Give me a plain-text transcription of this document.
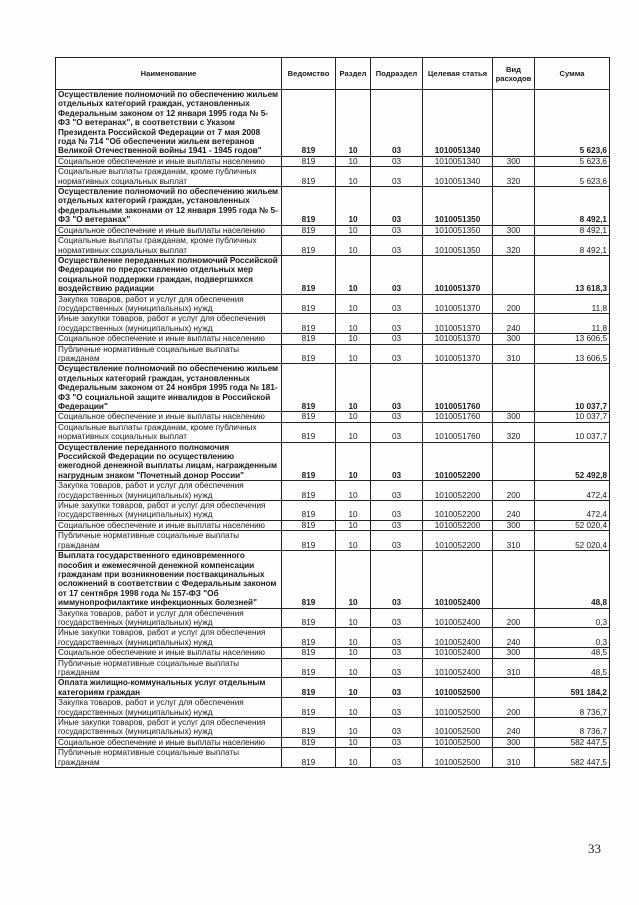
Наименование	Ведомство	Раздел	Подраздел	Целевая статья	Вид расходов	Сумма
Осуществление полномочий по обеспечению жильем отдельных категорий граждан, установленных Федеральным законом от 12 января 1995 года № 5-ФЗ "О ветеранах", в соответствии с Указом Президента Российской Федерации от 7 мая 2008 года № 714 "Об обеспечении жильем ветеранов Великой Отечественной войны 1941 - 1945 годов"	819	10	03	1010051340		5 623,6
Социальное обеспечение и иные выплаты населению	819	10	03	1010051340	300	5 623,6
Социальные выплаты гражданам, кроме публичных нормативных социальных выплат	819	10	03	1010051340	320	5 623,6
Осуществление полномочий по обеспечению жильем отдельных категорий граждан, установленных федеральными законами от 12 января 1995 года № 5-ФЗ "О ветеранах"	819	10	03	1010051350		8 492,1
Социальное обеспечение и иные выплаты населению	819	10	03	1010051350	300	8 492,1
Социальные выплаты гражданам, кроме публичных нормативных социальных выплат	819	10	03	1010051350	320	8 492,1
Осуществление переданных полномочий Российской Федерации по предоставлению отдельных мер социальной поддержки граждан, подвергшихся воздействию радиации	819	10	03	1010051370		13 618,3
Закупка товаров, работ и услуг для обеспечения государственных (муниципальных) нужд	819	10	03	1010051370	200	11,8
Иные закупки товаров, работ и услуг для обеспечения государственных (муниципальных) нужд	819	10	03	1010051370	240	11,8
Социальное обеспечение и иные выплаты населению	819	10	03	1010051370	300	13 606,5
Публичные нормативные социальные выплаты гражданам	819	10	03	1010051370	310	13 606,5
Осуществление полномочий по обеспечению жильем отдельных категорий граждан, установленных Федеральным законом от 24 ноября 1995 года № 181-ФЗ "О социальной защите инвалидов в Российской Федерации"	819	10	03	1010051760		10 037,7
Социальное обеспечение и иные выплаты населению	819	10	03	1010051760	300	10 037,7
Социальные выплаты гражданам, кроме публичных нормативных социальных выплат	819	10	03	1010051760	320	10 037,7
Осуществление переданного полномочия Российской Федерации по осуществлению ежегодной денежной выплаты лицам, награжденным нагрудным знаком "Почетный донор России"	819	10	03	1010052200		52 492,8
Закупка товаров, работ и услуг для обеспечения государственных (муниципальных) нужд	819	10	03	1010052200	200	472,4
Иные закупки товаров, работ и услуг для обеспечения государственных (муниципальных) нужд	819	10	03	1010052200	240	472,4
Социальное обеспечение и иные выплаты населению	819	10	03	1010052200	300	52 020,4
Публичные нормативные социальные выплаты гражданам	819	10	03	1010052200	310	52 020,4
Выплата государственного единовременного пособия и ежемесячной денежной компенсации гражданам при возникновении поствакцинальных осложнений в соответствии с Федеральным законом от 17 сентября 1998 года № 157-ФЗ "Об иммунопрофилактике инфекционных болезней"	819	10	03	1010052400		48,8
Закупка товаров, работ и услуг для обеспечения государственных (муниципальных) нужд	819	10	03	1010052400	200	0,3
Иные закупки товаров, работ и услуг для обеспечения государственных (муниципальных) нужд	819	10	03	1010052400	240	0,3
Социальное обеспечение и иные выплаты населению	819	10	03	1010052400	300	48,5
Публичные нормативные социальные выплаты гражданам	819	10	03	1010052400	310	48,5
Оплата жилищно-коммунальных услуг отдельным категориям граждан	819	10	03	1010052500		591 184,2
Закупка товаров, работ и услуг для обеспечения государственных (муниципальных) нужд	819	10	03	1010052500	200	8 736,7
Иные закупки товаров, работ и услуг для обеспечения государственных (муниципальных) нужд	819	10	03	1010052500	240	8 736,7
Социальное обеспечение и иные выплаты населению	819	10	03	1010052500	300	582 447,5
Публичные нормативные социальные выплаты гражданам	819	10	03	1010052500	310	582 447,5
33
